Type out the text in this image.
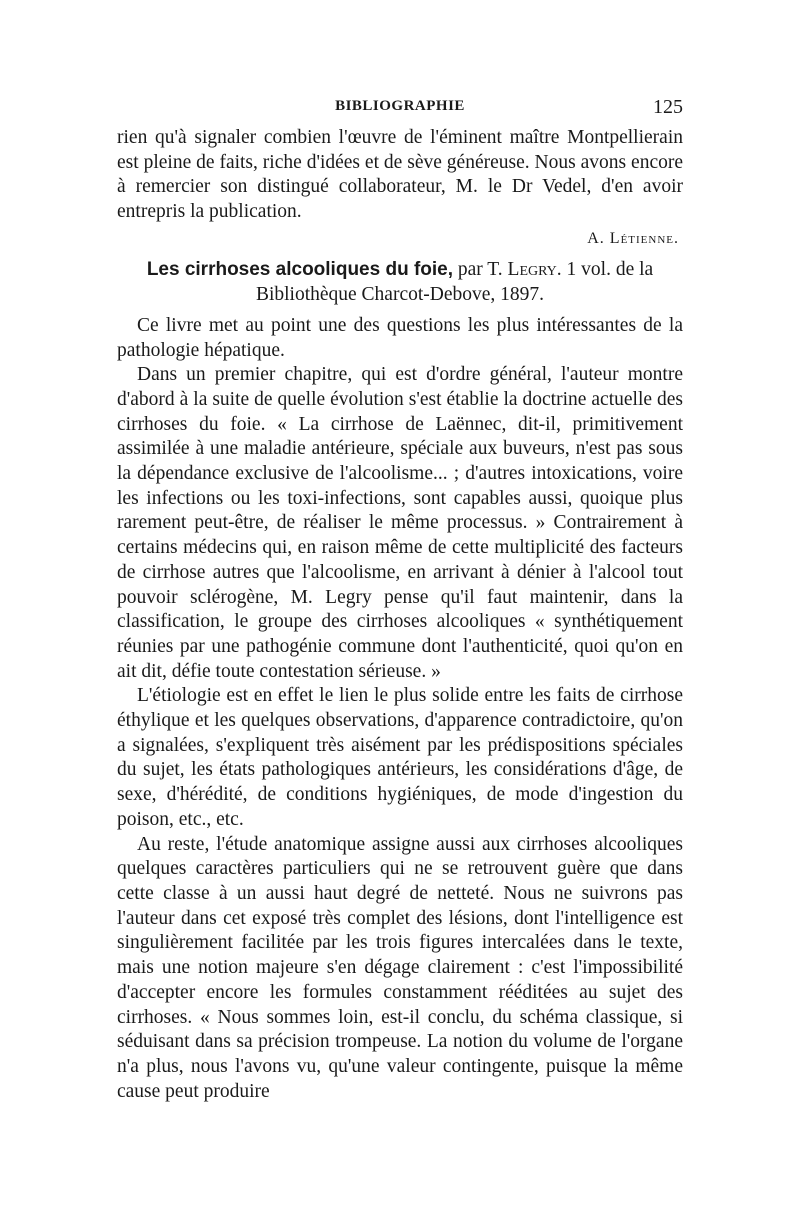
BIBLIOGRAPHIE	125

rien qu'à signaler combien l'œuvre de l'éminent maître Montpellierain est pleine de faits, riche d'idées et de sève généreuse. Nous avons encore à remercier son distingué collaborateur, M. le Dr Vedel, d'en avoir entrepris la publication.

A. Létienne.

Les cirrhoses alcooliques du foie, par T. Legry. 1 vol. de la
Bibliothèque Charcot-Debove, 1897.

Ce livre met au point une des questions les plus intéressantes de la pathologie hépatique.

Dans un premier chapitre, qui est d'ordre général, l'auteur montre d'abord à la suite de quelle évolution s'est établie la doctrine actuelle des cirrhoses du foie. « La cirrhose de Laënnec, dit-il, primitivement assimilée à une maladie antérieure, spéciale aux buveurs, n'est pas sous la dépendance exclusive de l'alcoolisme... ; d'autres intoxications, voire les infections ou les toxi-infections, sont capables aussi, quoique plus rarement peut-être, de réaliser le même processus. » Contrairement à certains médecins qui, en raison même de cette multiplicité des facteurs de cirrhose autres que l'alcoolisme, en arrivant à dénier à l'alcool tout pouvoir sclérogène, M. Legry pense qu'il faut maintenir, dans la classification, le groupe des cirrhoses alcooliques « synthétiquement réunies par une pathogénie commune dont l'authenticité, quoi qu'on en ait dit, défie toute contestation sérieuse. »

L'étiologie est en effet le lien le plus solide entre les faits de cirrhose éthylique et les quelques observations, d'apparence contradictoire, qu'on a signalées, s'expliquent très aisément par les prédispositions spéciales du sujet, les états pathologiques antérieurs, les considérations d'âge, de sexe, d'hérédité, de conditions hygiéniques, de mode d'ingestion du poison, etc., etc.

Au reste, l'étude anatomique assigne aussi aux cirrhoses alcooliques quelques caractères particuliers qui ne se retrouvent guère que dans cette classe à un aussi haut degré de netteté. Nous ne suivrons pas l'auteur dans cet exposé très complet des lésions, dont l'intelligence est singulièrement facilitée par les trois figures intercalées dans le texte, mais une notion majeure s'en dégage clairement : c'est l'impossibilité d'accepter encore les formules constamment rééditées au sujet des cirrhoses. « Nous sommes loin, est-il conclu, du schéma classique, si séduisant dans sa précision trompeuse. La notion du volume de l'organe n'a plus, nous l'avons vu, qu'une valeur contingente, puisque la même cause peut produire
